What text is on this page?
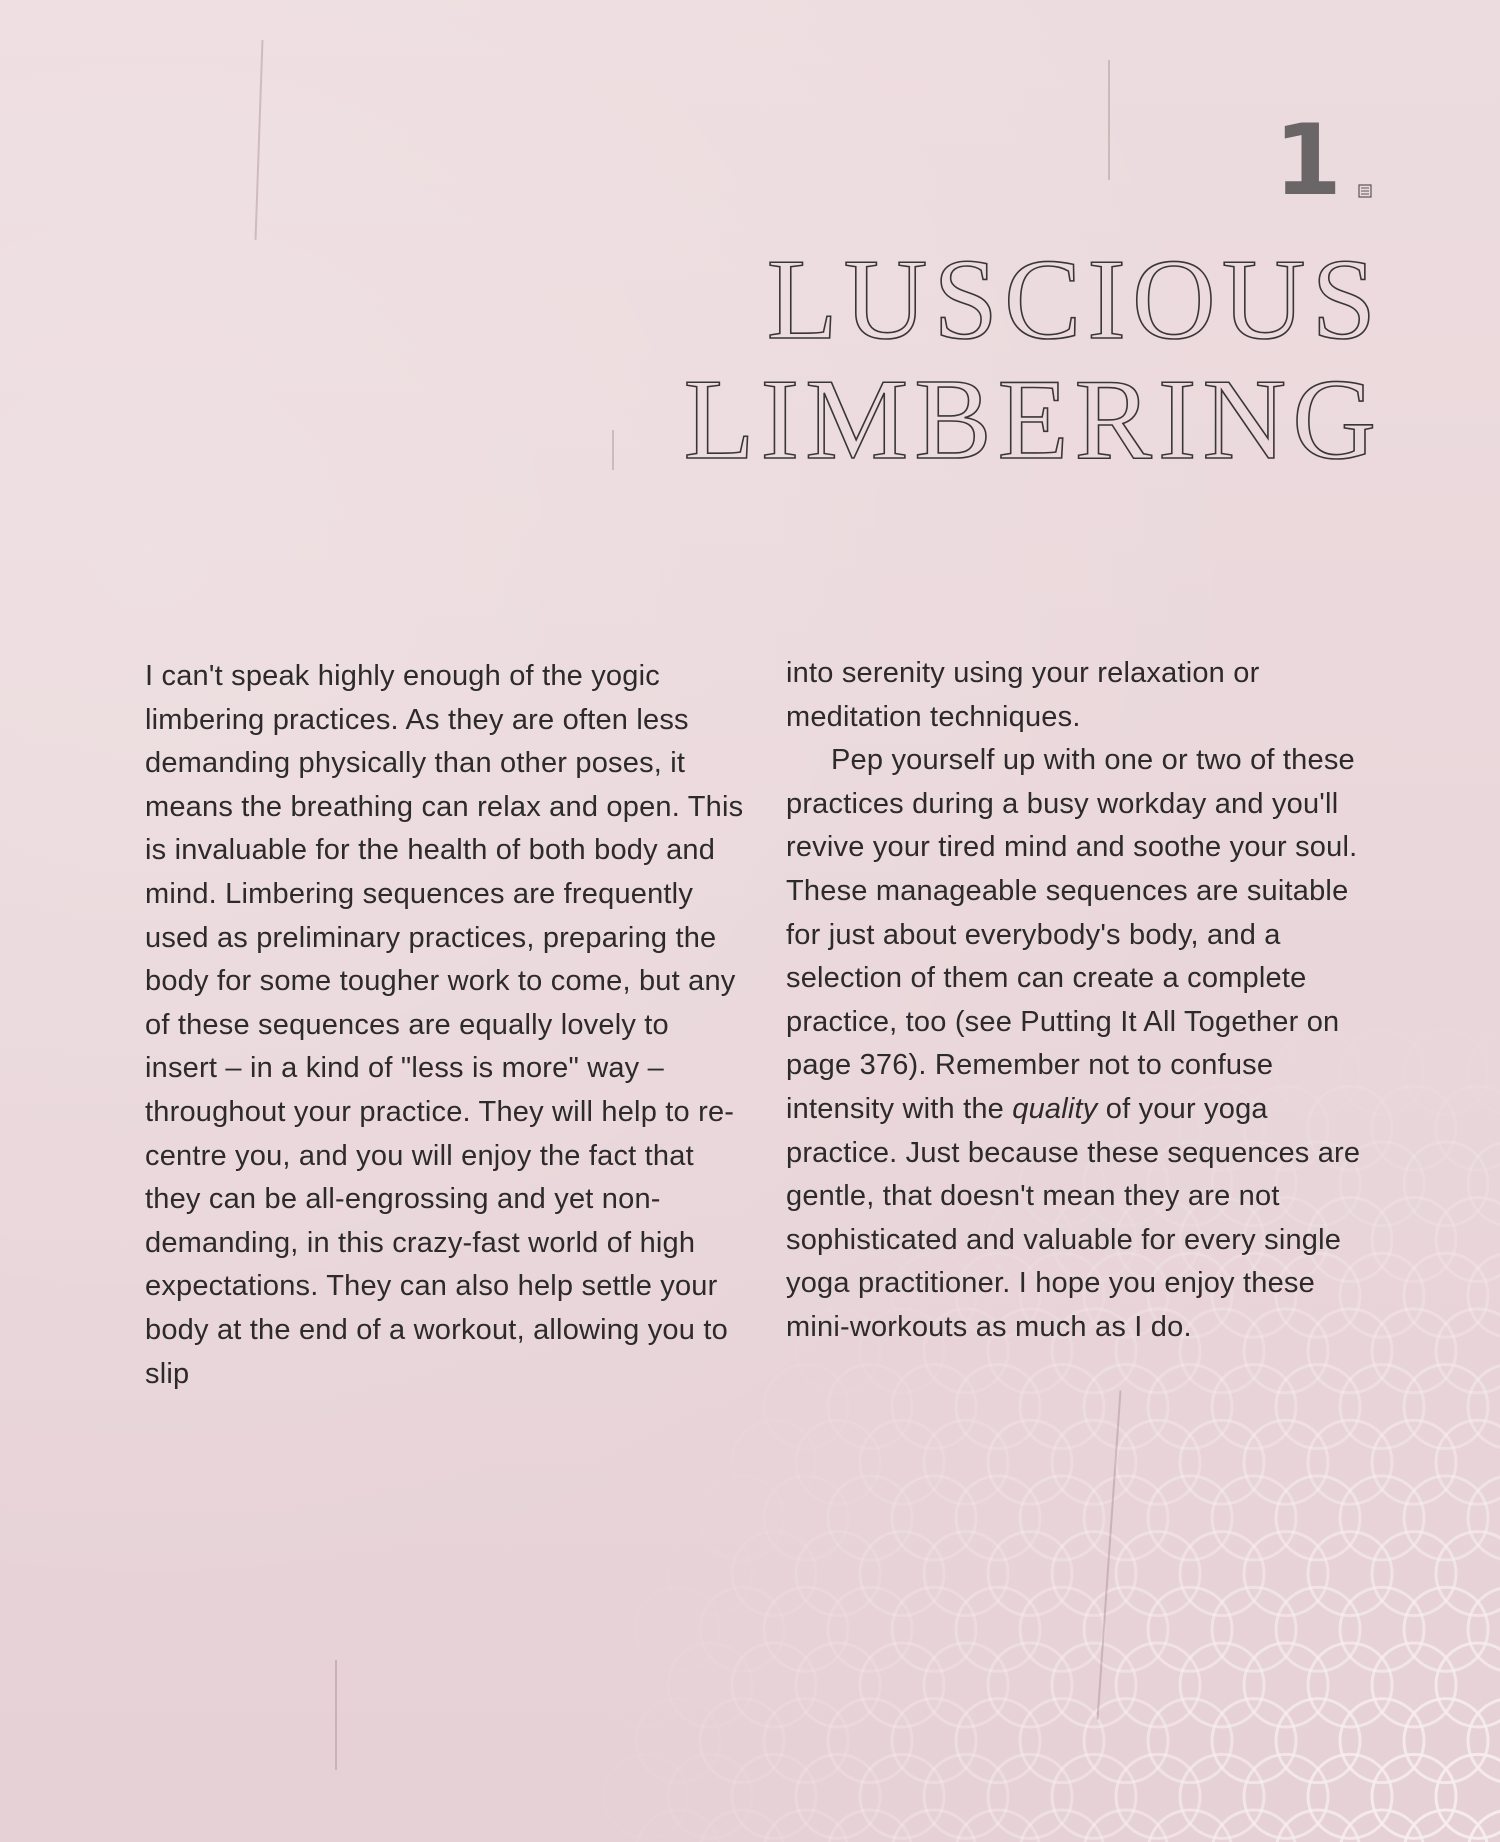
1
LUSCIOUS
LIMBERING

I can't speak highly enough of the yogic limbering practices. As they are often less demanding physically than other poses, it means the breathing can relax and open. This is invaluable for the health of both body and mind. Limbering sequences are frequently used as preliminary practices, preparing the body for some tougher work to come, but any of these sequences are equally lovely to insert – in a kind of "less is more" way – throughout your practice. They will help to re-centre you, and you will enjoy the fact that they can be all-engrossing and yet non-demanding, in this crazy-fast world of high expectations. They can also help settle your body at the end of a workout, allowing you to slip

into serenity using your relaxation or meditation techniques.

Pep yourself up with one or two of these practices during a busy workday and you'll revive your tired mind and soothe your soul. These manageable sequences are suitable for just about everybody's body, and a selection of them can create a complete practice, too (see Putting It All Together on page 376). Remember not to confuse intensity with the quality of your yoga practice. Just because these sequences are gentle, that doesn't mean they are not sophisticated and valuable for every single yoga practitioner. I hope you enjoy these mini-workouts as much as I do.
